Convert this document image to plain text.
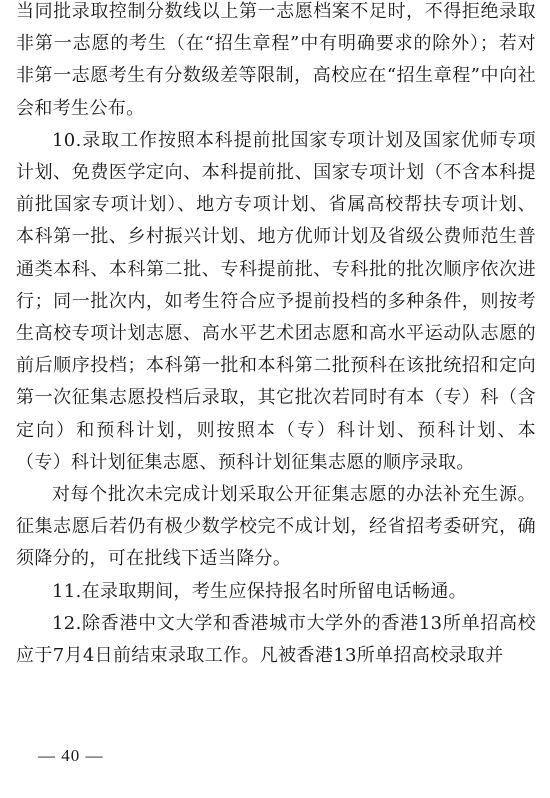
当同批录取控制分数线以上第一志愿档案不足时，不得拒绝录取非第一志愿的考生（在“招生章程”中有明确要求的除外）；若对非第一志愿考生有分数级差等限制，高校应在“招生章程”中向社会和考生公布。

10.录取工作按照本科提前批国家专项计划及国家优师专项计划、免费医学定向、本科提前批、国家专项计划（不含本科提前批国家专项计划）、地方专项计划、省属高校帮扶专项计划、本科第一批、乡村振兴计划、地方优师计划及省级公费师范生普通类本科、本科第二批、专科提前批、专科批的批次顺序依次进行；同一批次内，如考生符合应予提前投档的多种条件，则按考生高校专项计划志愿、高水平艺术团志愿和高水平运动队志愿的前后顺序投档；本科第一批和本科第二批预科在该批统招和定向第一次征集志愿投档后录取，其它批次若同时有本（专）科（含定向）和预科计划，则按照本（专）科计划、预科计划、本（专）科计划征集志愿、预科计划征集志愿的顺序录取。

对每个批次未完成计划采取公开征集志愿的办法补充生源。征集志愿后若仍有极少数学校完不成计划，经省招考委研究，确须降分的，可在批线下适当降分。

11.在录取期间，考生应保持报名时所留电话畅通。

12.除香港中文大学和香港城市大学外的香港13所单招高校应于7月4日前结束录取工作。凡被香港13所单招高校录取并

— 40 —
